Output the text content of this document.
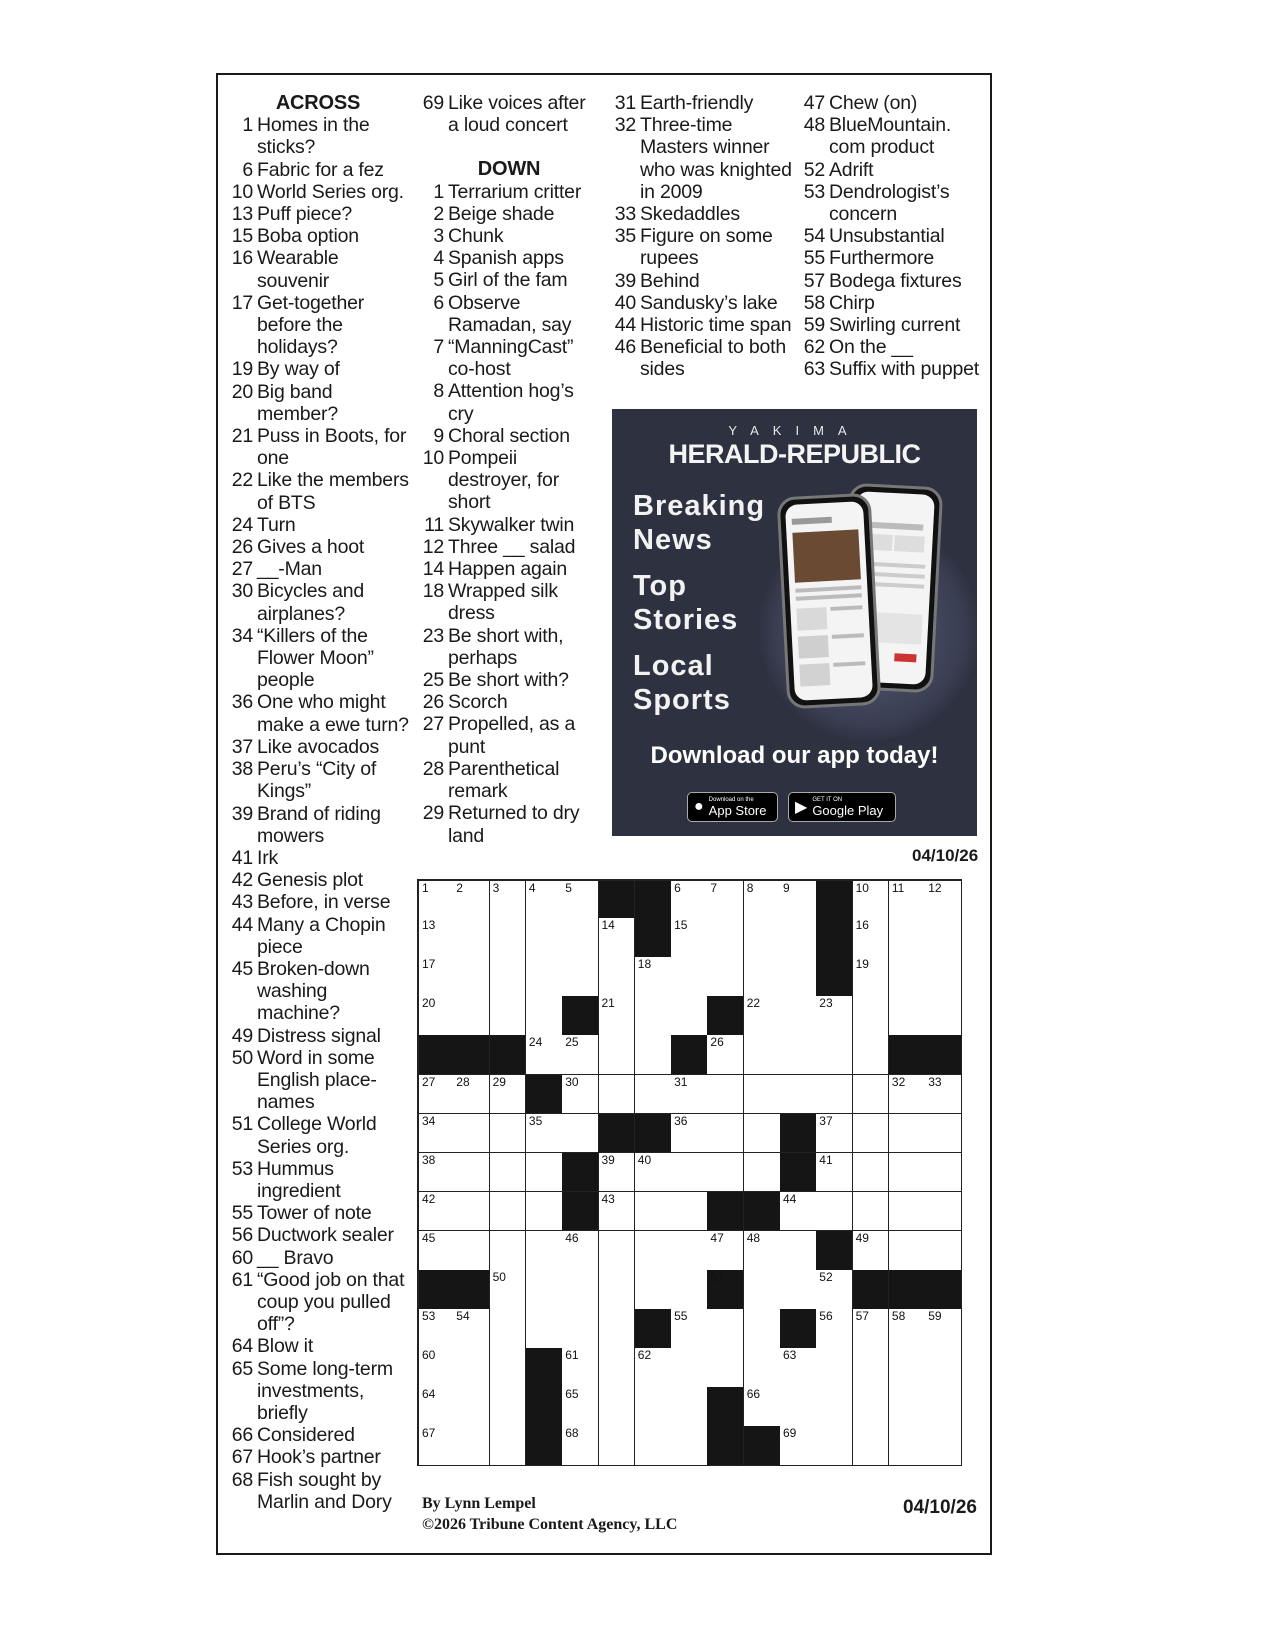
ACROSS
1 Homes in the sticks?
6 Fabric for a fez
10 World Series org.
13 Puff piece?
15 Boba option
16 Wearable souvenir
17 Get-together before the holidays?
19 By way of
20 Big band member?
21 Puss in Boots, for one
22 Like the members of BTS
24 Turn
26 Gives a hoot
27 __-Man
30 Bicycles and airplanes?
34 “Killers of the Flower Moon” people
36 One who might make a ewe turn?
37 Like avocados
38 Peru’s “City of Kings”
39 Brand of riding mowers
41 Irk
42 Genesis plot
43 Before, in verse
44 Many a Chopin piece
45 Broken-down washing machine?
49 Distress signal
50 Word in some English place-names
51 College World Series org.
53 Hummus ingredient
55 Tower of note
56 Ductwork sealer
60 __ Bravo
61 “Good job on that coup you pulled off”?
64 Blow it
65 Some long-term investments, briefly
66 Considered
67 Hook’s partner
68 Fish sought by Marlin and Dory
69 Like voices after a loud concert
DOWN
1 Terrarium critter
2 Beige shade
3 Chunk
4 Spanish apps
5 Girl of the fam
6 Observe Ramadan, say
7 “ManningCast” co-host
8 Attention hog’s cry
9 Choral section
10 Pompeii destroyer, for short
11 Skywalker twin
12 Three __ salad
14 Happen again
18 Wrapped silk dress
23 Be short with, perhaps
25 Be short with?
26 Scorch
27 Propelled, as a punt
28 Parenthetical remark
29 Returned to dry land
31 Earth-friendly
32 Three-time Masters winner who was knighted in 2009
33 Skedaddles
35 Figure on some rupees
39 Behind
40 Sandusky’s lake
44 Historic time span
46 Beneficial to both sides
47 Chew (on)
48 BlueMountain. com product
52 Adrift
53 Dendrologist’s concern
54 Unsubstantial
55 Furthermore
57 Bodega fixtures
58 Chirp
59 Swirling current
62 On the __
63 Suffix with puppet
YAKIMA
HERALD-REPUBLIC
Breaking
News
Top
Stories
Local
Sports
Download our app today!
● Download on the
App Store ▶ GET IT ON
Google Play
04/10/26
1 2 3 4 5	6 7 8 9	10 11 12
13	14	15	16
17	18	19
20	21	22	23
24 25	26
27 28 29	30	31	32 33
34	35	36	37
38	39 40	41
42	43	44
45	46	47 48	49
50	51	52
53 54	55	56 57 58 59
60	61	62	63
64	65	66
67	68	69
By Lynn Lempel
©2026 Tribune Content Agency, LLC
04/10/26
